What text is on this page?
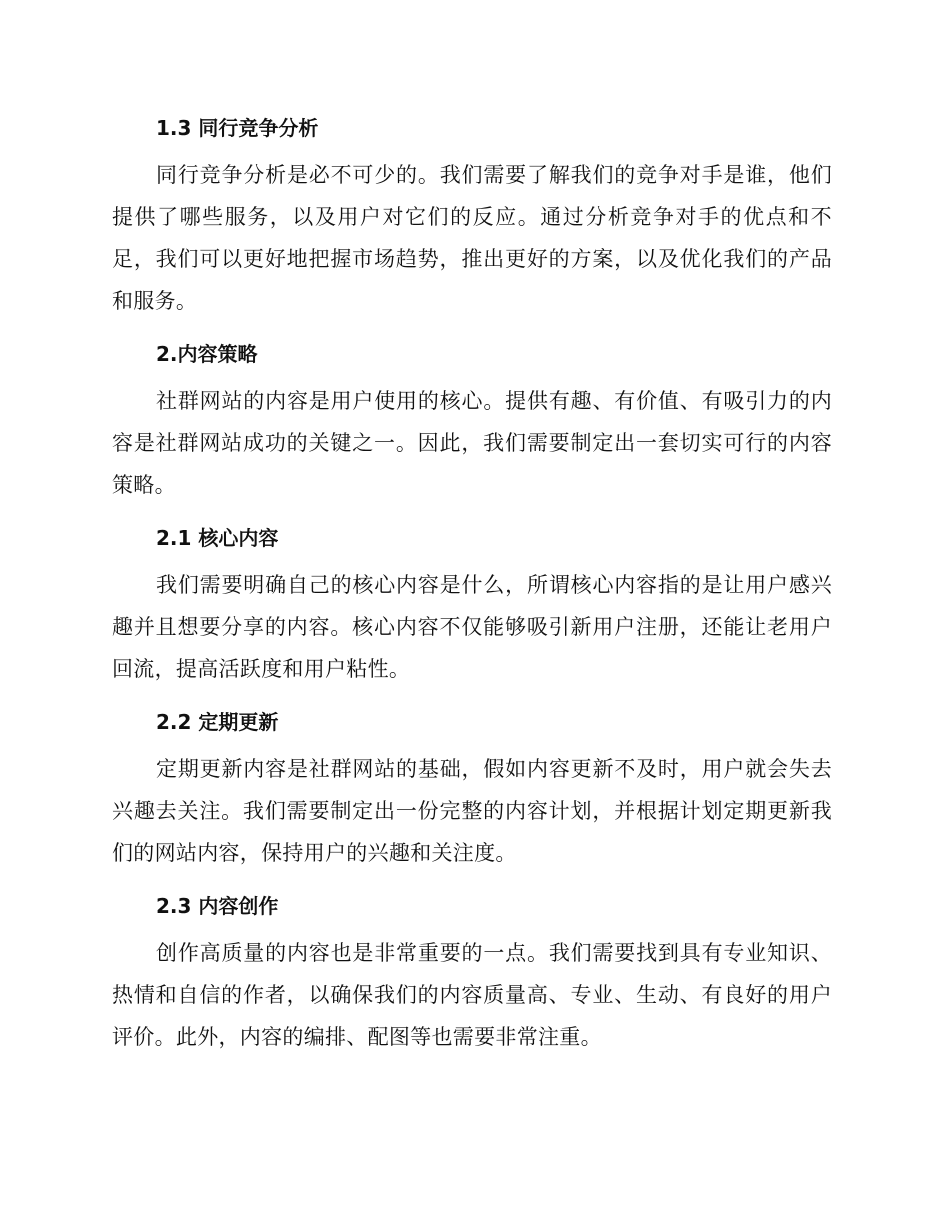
1.3 同行竞争分析

同行竞争分析是必不可少的。我们需要了解我们的竞争对手是谁，他们提供了哪些服务，以及用户对它们的反应。通过分析竞争对手的优点和不足，我们可以更好地把握市场趋势，推出更好的方案，以及优化我们的产品和服务。

2.内容策略

社群网站的内容是用户使用的核心。提供有趣、有价值、有吸引力的内容是社群网站成功的关键之一。因此，我们需要制定出一套切实可行的内容策略。

2.1 核心内容

我们需要明确自己的核心内容是什么，所谓核心内容指的是让用户感兴趣并且想要分享的内容。核心内容不仅能够吸引新用户注册，还能让老用户回流，提高活跃度和用户粘性。

2.2 定期更新

定期更新内容是社群网站的基础，假如内容更新不及时，用户就会失去兴趣去关注。我们需要制定出一份完整的内容计划，并根据计划定期更新我们的网站内容，保持用户的兴趣和关注度。

2.3 内容创作

创作高质量的内容也是非常重要的一点。我们需要找到具有专业知识、热情和自信的作者，以确保我们的内容质量高、专业、生动、有良好的用户评价。此外，内容的编排、配图等也需要非常注重。
